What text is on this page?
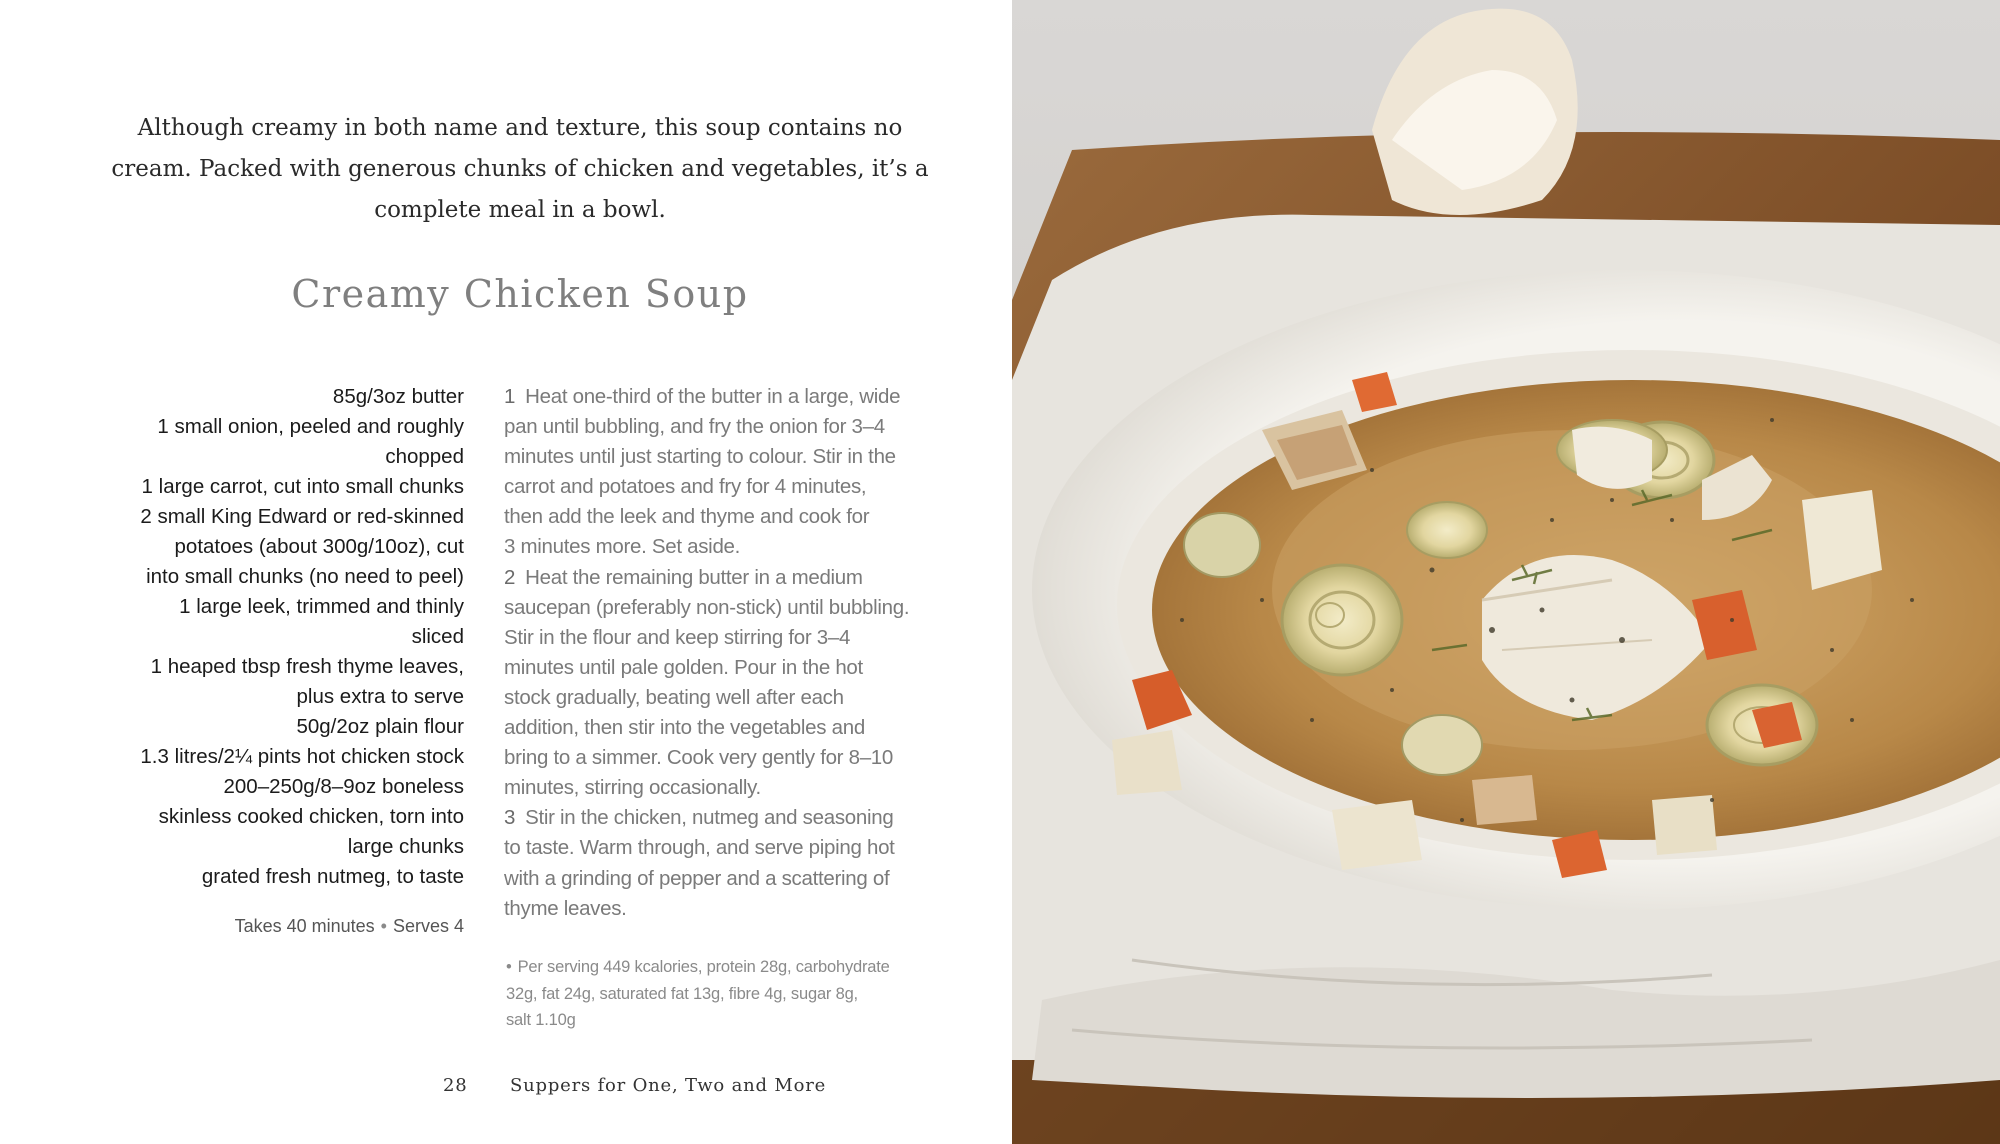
Although creamy in both name and texture, this soup contains no cream. Packed with generous chunks of chicken and vegetables, it’s a complete meal in a bowl.

Creamy Chicken Soup
85g/3oz butter
1 small onion, peeled and roughly
chopped
1 large carrot, cut into small chunks
2 small King Edward or red-skinned
potatoes (about 300g/10oz), cut
into small chunks (no need to peel)
1 large leek, trimmed and thinly
sliced
1 heaped tbsp fresh thyme leaves,
plus extra to serve
50g/2oz plain flour
1.3 litres/2¼ pints hot chicken stock
200–250g/8–9oz boneless
skinless cooked chicken, torn into
large chunks
grated fresh nutmeg, to taste
Takes 40 minutes • Serves 4
1 Heat one-third of the butter in a large, wide
pan until bubbling, and fry the onion for 3–4
minutes until just starting to colour. Stir in the
carrot and potatoes and fry for 4 minutes,
then add the leek and thyme and cook for
3 minutes more. Set aside.
2 Heat the remaining butter in a medium
saucepan (preferably non-stick) until bubbling.
Stir in the flour and keep stirring for 3–4
minutes until pale golden. Pour in the hot
stock gradually, beating well after each
addition, then stir into the vegetables and
bring to a simmer. Cook very gently for 8–10
minutes, stirring occasionally.
3 Stir in the chicken, nutmeg and seasoning
to taste. Warm through, and serve piping hot
with a grinding of pepper and a scattering of
thyme leaves.
• Per serving 449 kcalories, protein 28g, carbohydrate
32g, fat 24g, saturated fat 13g, fibre 4g, sugar 8g,
salt 1.10g
28 Suppers for One, Two and More
